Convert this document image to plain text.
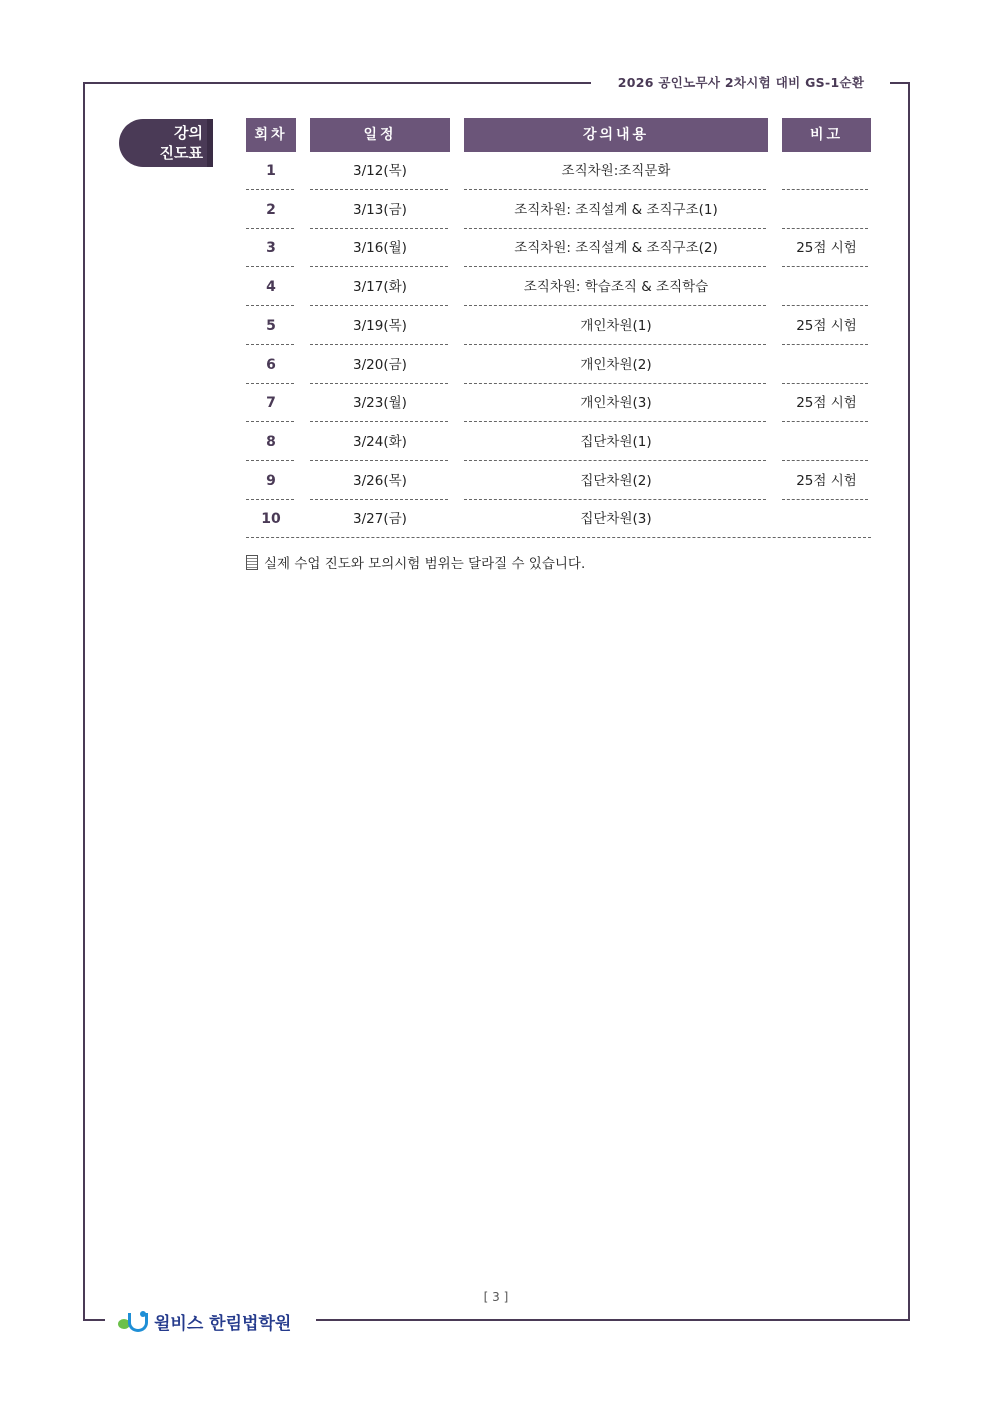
2026 공인노무사 2차시험 대비 GS-1순환
강의
진도표
회차	일정	강의내용	비고
1	3/12(목)	조직차원:조직문화
2	3/13(금)	조직차원: 조직설계 & 조직구조(1)
3	3/16(월)	조직차원: 조직설계 & 조직구조(2)	25점 시험
4	3/17(화)	조직차원: 학습조직 & 조직학습
5	3/19(목)	개인차원(1)	25점 시험
6	3/20(금)	개인차원(2)
7	3/23(월)	개인차원(3)	25점 시험
8	3/24(화)	집단차원(1)
9	3/26(목)	집단차원(2)	25점 시험
10	3/27(금)	집단차원(3)
실제 수업 진도와 모의시험 범위는 달라질 수 있습니다.
[ 3 ]
윌비스 한림법학원
